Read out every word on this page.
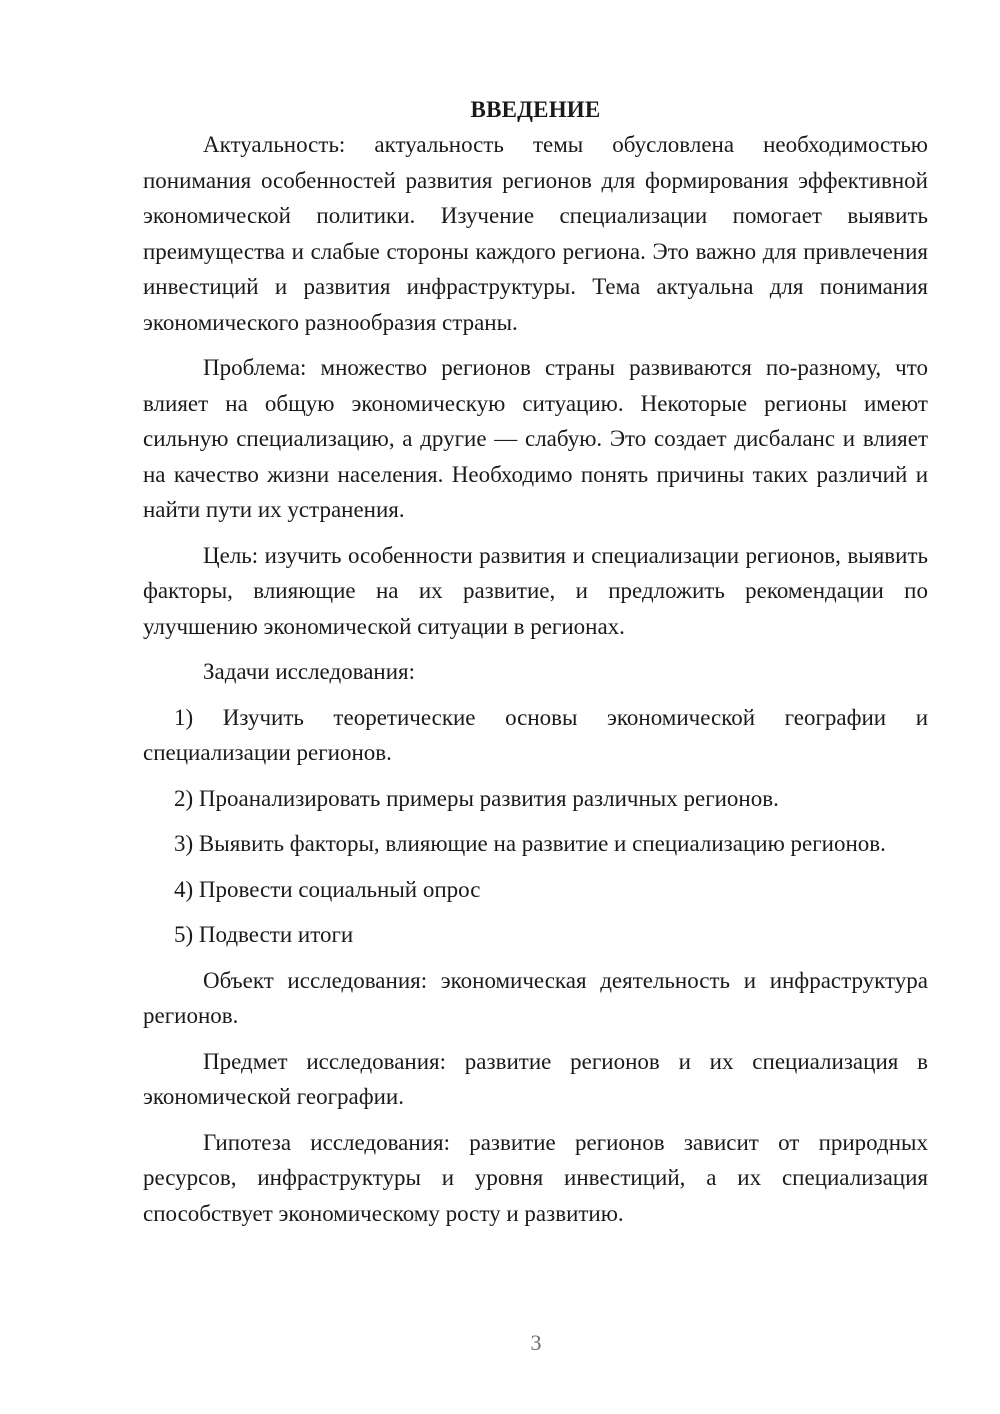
ВВЕДЕНИЕ

Актуальность: актуальность темы обусловлена необходимостью понимания особенностей развития регионов для формирования эффективной экономической политики. Изучение специализации помогает выявить преимущества и слабые стороны каждого региона. Это важно для привлечения инвестиций и развития инфраструктуры. Тема актуальна для понимания экономического разнообразия страны.

Проблема: множество регионов страны развиваются по-разному, что влияет на общую экономическую ситуацию. Некоторые регионы имеют сильную специализацию, а другие — слабую. Это создает дисбаланс и влияет на качество жизни населения. Необходимо понять причины таких различий и найти пути их устранения.

Цель: изучить особенности развития и специализации регионов, выявить факторы, влияющие на их развитие, и предложить рекомендации по улучшению экономической ситуации в регионах.

Задачи исследования:

1) Изучить теоретические основы экономической географии и специализации регионов.

2) Проанализировать примеры развития различных регионов.

3) Выявить факторы, влияющие на развитие и специализацию регионов.

4) Провести социальный опрос

5) Подвести итоги

Объект исследования: экономическая деятельность и инфраструктура регионов.

Предмет исследования: развитие регионов и их специализация в экономической географии.

Гипотеза исследования: развитие регионов зависит от природных ресурсов, инфраструктуры и уровня инвестиций, а их специализация способствует экономическому росту и развитию.

3
